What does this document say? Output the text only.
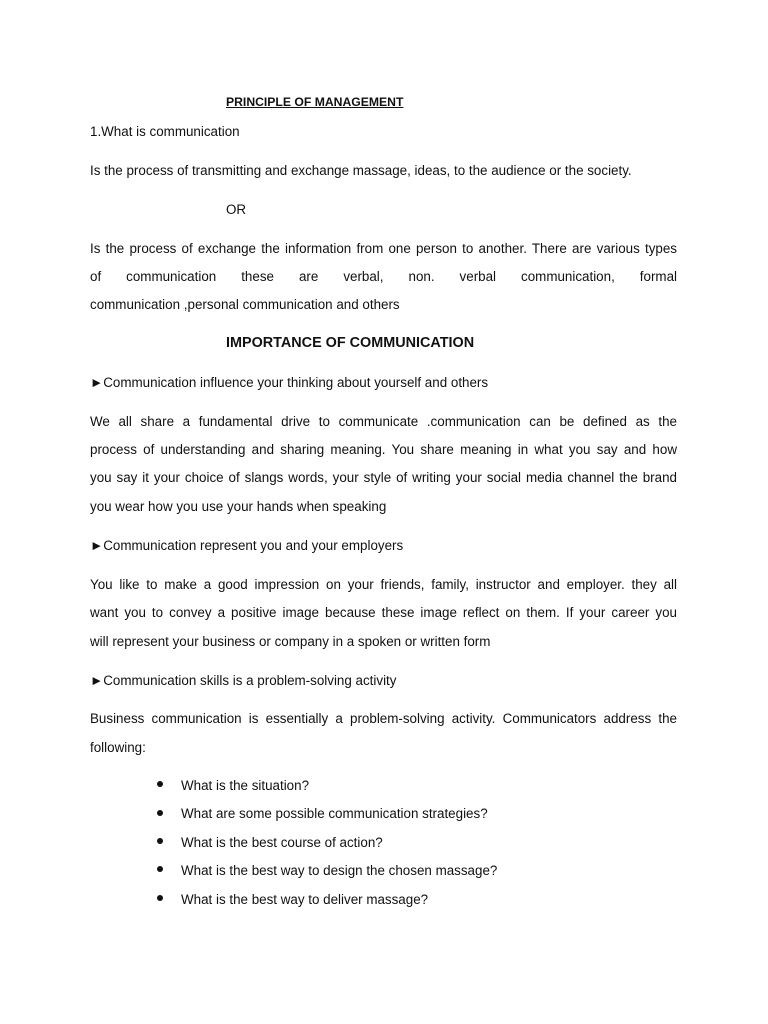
PRINCIPLE OF MANAGEMENT
1.What is communication
Is the process of transmitting and exchange massage, ideas, to the audience or the society.
OR
Is the process of exchange the information from one person to another. There are various types
of communication these are verbal, non. verbal communication, formal
communication ,personal communication and others
IMPORTANCE OF COMMUNICATION
►Communication influence your thinking about yourself and others
We all share a fundamental drive to communicate .communication can be defined as the
process of understanding and sharing meaning. You share meaning in what you say and how
you say it your choice of slangs words, your style of writing your social media channel the brand
you wear how you use your hands when speaking
►Communication represent you and your employers
You like to make a good impression on your friends, family, instructor and employer. they all
want you to convey a positive image because these image reflect on them. If your career you
will represent your business or company in a spoken or written form
►Communication skills is a problem-solving activity
Business communication is essentially a problem-solving activity. Communicators address the
following:
What is the situation?
What are some possible communication strategies?
What is the best course of action?
What is the best way to design the chosen massage?
What is the best way to deliver massage?
